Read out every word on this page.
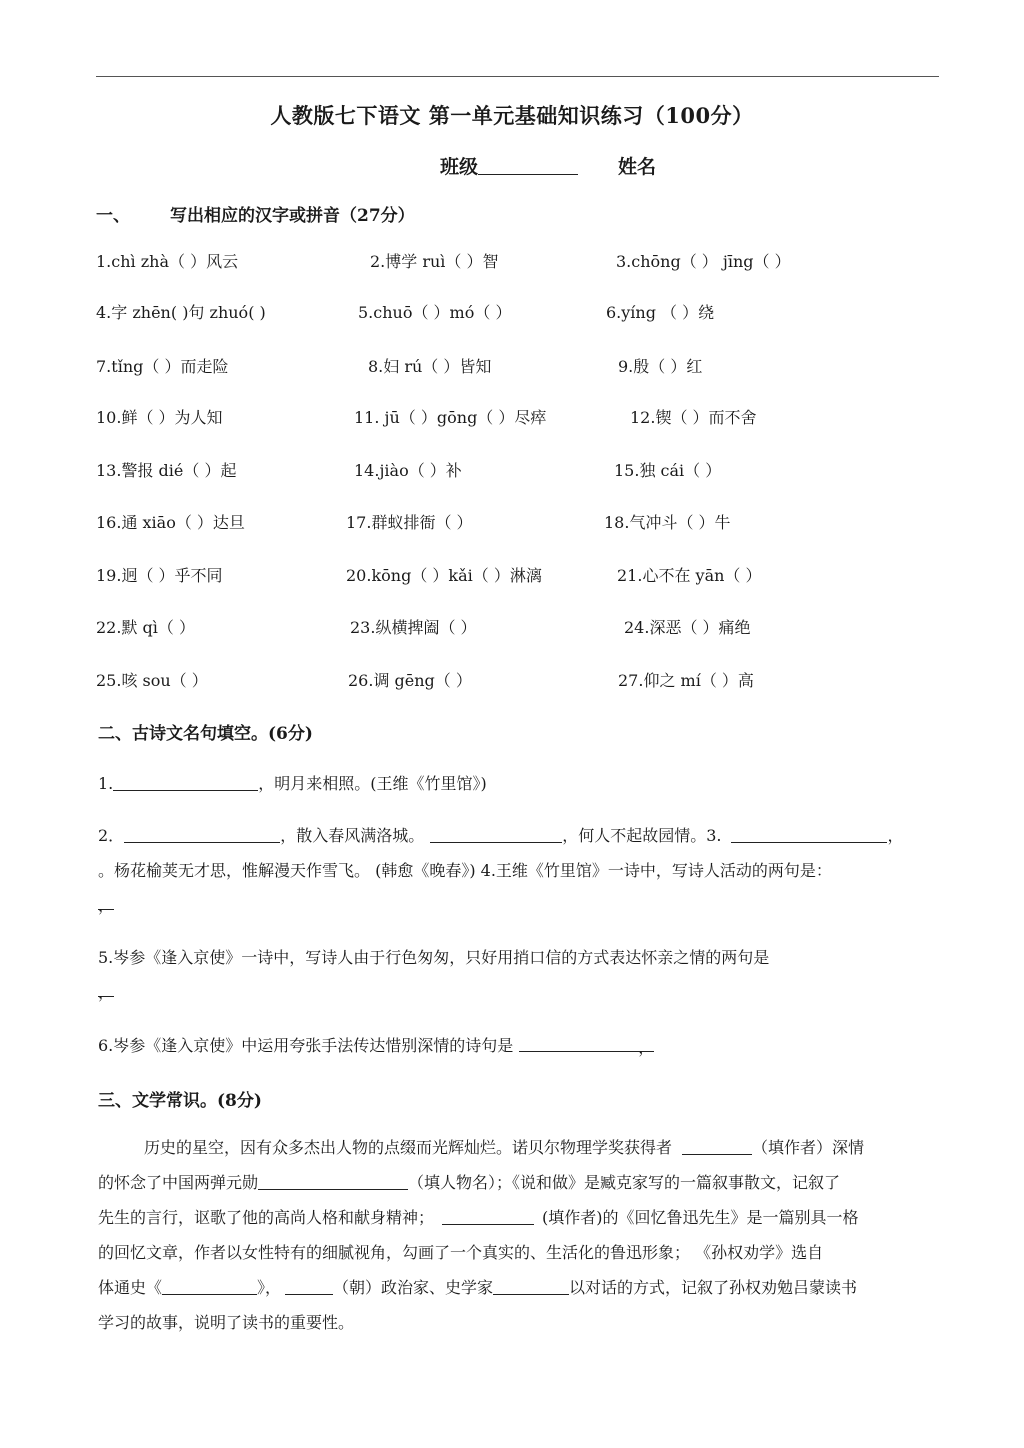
人教版七下语文 第一单元基础知识练习（100分）
班级	姓名
一、 写出相应的汉字或拼音（27分）
1.chì zhà（ ）风云	2.博学 ruì（ ）智	3.chōng（ ） jīng（ ）
4.字 zhēn( )句 zhuó( )	5.chuō（ ）mó（ ）	6.yíng （ ）绕
7.tǐng（ ）而走险	8.妇 rú（ ）皆知	9.殷（ ）红
10.鲜（ ）为人知	11. jū（ ）gōng（ ）尽瘁	12.锲（ ）而不舍
13.警报 dié（ ）起	14.jiào（ ）补	15.独 cái（ ）
16.通 xiāo（ ）达旦	17.群蚁排衙（ ）	18.气冲斗（ ）牛
19.迥（ ）乎不同	20.kōng（ ）kǎi（ ）淋漓	21.心不在 yān（ ）
22.默 qì（ ）	23.纵横捭阖（ ）	24.深恶（ ）痛绝
25.咳 sou（ ）	26.调 gēng（ ）	27.仰之 mí（ ）高
二、古诗文名句填空。(6分)
1.	，明月来相照。(王维《竹里馆》)
2．	，散入春风满洛城。	，何人不起故园情。3.	，
。杨花榆荚无才思，惟解漫天作雪飞。 (韩愈《晚春》) 4.王维《竹里馆》一诗中，写诗人活动的两句是：
，
5.岑参《逢入京使》一诗中，写诗人由于行色匆匆，只好用捎口信的方式表达怀亲之情的两句是
，
6.岑参《逢入京使》中运用夸张手法传达惜别深情的诗句是	，
三、文学常识。(8分)

历史的星空，因有众多杰出人物的点缀而光辉灿烂。诺贝尔物理学奖获得者	（填作者）深情

的怀念了中国两弹元勋	（填人物名）；《说和做》是臧克家写的一篇叙事散文，记叙了

先生的言行，讴歌了他的高尚人格和献身精神；	(填作者)的《回忆鲁迅先生》是一篇别具一格

的回忆文章，作者以女性特有的细腻视角，勾画了一个真实的、生活化的鲁迅形象； 《孙权劝学》选自

体通史《	》，	（朝）政治家、史学家	以对话的方式，记叙了孙权劝勉吕蒙读书

学习的故事，说明了读书的重要性。
